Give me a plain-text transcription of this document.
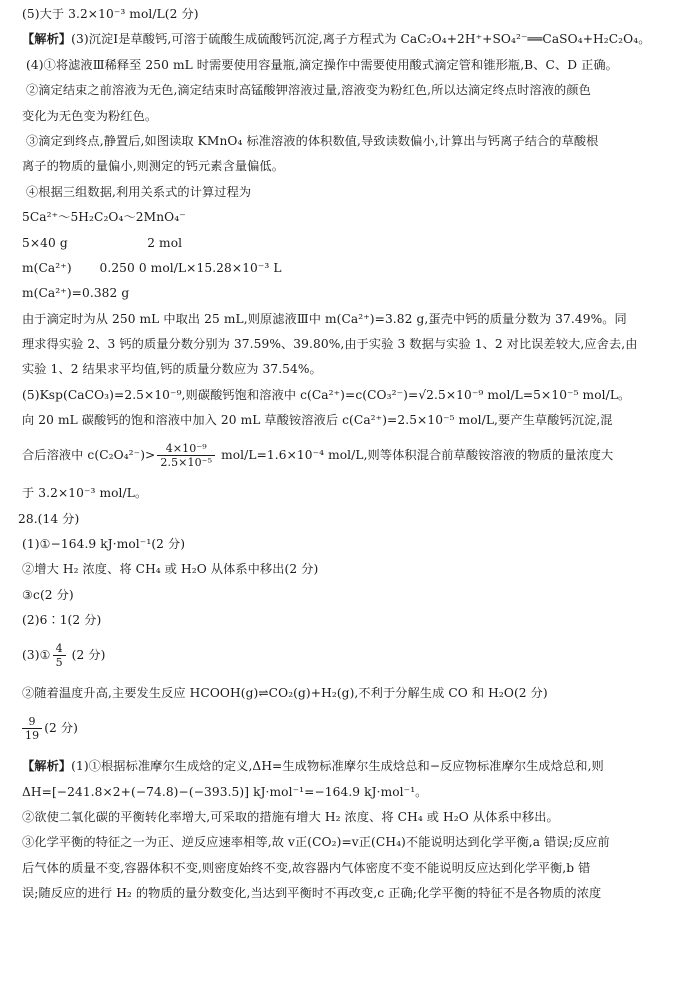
(5)大于 3.2×10⁻³ mol/L(2 分)
【解析】(3)沉淀Ⅰ是草酸钙,可溶于硫酸生成硫酸钙沉淀,离子方程式为 CaC₂O₄+2H⁺+SO₄²⁻══CaSO₄+H₂C₂O₄。
(4)①将滤液Ⅲ稀释至 250 mL 时需要使用容量瓶,滴定操作中需要使用酸式滴定管和锥形瓶,B、C、D 正确。
②滴定结束之前溶液为无色,滴定结束时高锰酸钾溶液过量,溶液变为粉红色,所以达滴定终点时溶液的颜色
变化为无色变为粉红色。
③滴定到终点,静置后,如图读取 KMnO₄ 标准溶液的体积数值,导致读数偏小,计算出与钙离子结合的草酸根
离子的物质的量偏小,则测定的钙元素含量偏低。
④根据三组数据,利用关系式的计算过程为
5Ca²⁺～5H₂C₂O₄～2MnO₄⁻
5×40 g                    2 mol
m(Ca²⁺)       0.250 0 mol/L×15.28×10⁻³ L
m(Ca²⁺)=0.382 g
由于滴定时为从 250 mL 中取出 25 mL,则原滤液Ⅲ中 m(Ca²⁺)=3.82 g,蛋壳中钙的质量分数为 37.49%。同
理求得实验 2、3 钙的质量分数分别为 37.59%、39.80%,由于实验 3 数据与实验 1、2 对比误差较大,应舍去,由
实验 1、2 结果求平均值,钙的质量分数应为 37.54%。
(5)Ksp(CaCO₃)=2.5×10⁻⁹,则碳酸钙饱和溶液中 c(Ca²⁺)=c(CO₃²⁻)=√2.5×10⁻⁹ mol/L=5×10⁻⁵ mol/L。
向 20 mL 碳酸钙的饱和溶液中加入 20 mL 草酸铵溶液后 c(Ca²⁺)=2.5×10⁻⁵ mol/L,要产生草酸钙沉淀,混
合后溶液中 $c(C_2O_4^{2-})> \frac{\text{4×10⁻⁹}}{\text{2.5×10⁻⁵}} mol/L=1.6\times 10^{-4}$ mol/L,则等体积混合前草酸铵溶液的物质的量浓度大
于 3.2×10⁻³ mol/L。
28.(14 分)
(1)①−164.9 kJ·mol⁻¹(2 分)
②增大 H₂ 浓度、将 CH₄ 或 H₂O 从体系中移出(2 分)
③c(2 分)
(2)6∶1(2 分)
(3)① $\frac{4}{5} (2$ 分)
②随着温度升高,主要发生反应 HCOOH(g)⇌CO₂(g)+H₂(g),不利于分解生成 CO 和 H₂O(2 分)
$\frac{9}{19} (2$ 分)
【解析】(1)①根据标准摩尔生成焓的定义,ΔH=生成物标准摩尔生成焓总和−反应物标准摩尔生成焓总和,则
ΔH=[−241.8×2+(−74.8)−(−393.5)] kJ·mol⁻¹=−164.9 kJ·mol⁻¹。
②欲使二氧化碳的平衡转化率增大,可采取的措施有增大 H₂ 浓度、将 CH₄ 或 H₂O 从体系中移出。
③化学平衡的特征之一为正、逆反应速率相等,故 v正(CO₂)=v正(CH₄)不能说明达到化学平衡,a 错误;反应前
后气体的质量不变,容器体积不变,则密度始终不变,故容器内气体密度不变不能说明反应达到化学平衡,b 错
误;随反应的进行 H₂ 的物质的量分数变化,当达到平衡时不再改变,c 正确;化学平衡的特征不是各物质的浓度
